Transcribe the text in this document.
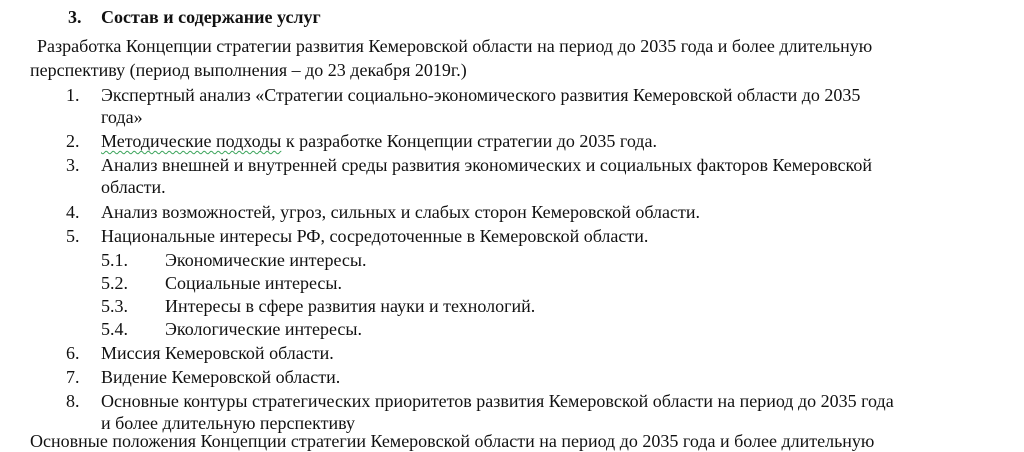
3. Состав и содержание услуг
Разработка Концепции стратегии развития Кемеровской области на период до 2035 года и более длительную
перспективу (период выполнения – до 23 декабря 2019г.)
1. Экспертный анализ «Стратегии социально-экономического развития Кемеровской области до 2035
года»
2. Методические подходы к разработке Концепции стратегии до 2035 года.
3. Анализ внешней и внутренней среды развития экономических и социальных факторов Кемеровской
области.
4. Анализ возможностей, угроз, сильных и слабых сторон Кемеровской области.
5. Национальные интересы РФ, сосредоточенные в Кемеровской области.
5.1. Экономические интересы.
5.2. Социальные интересы.
5.3. Интересы в сфере развития науки и технологий.
5.4. Экологические интересы.
6. Миссия Кемеровской области.
7. Видение Кемеровской области.
8. Основные контуры стратегических приоритетов развития Кемеровской области на период до 2035 года
и более длительную перспективу
Основные положения Концепции стратегии Кемеровской области на период до 2035 года и более длительную
